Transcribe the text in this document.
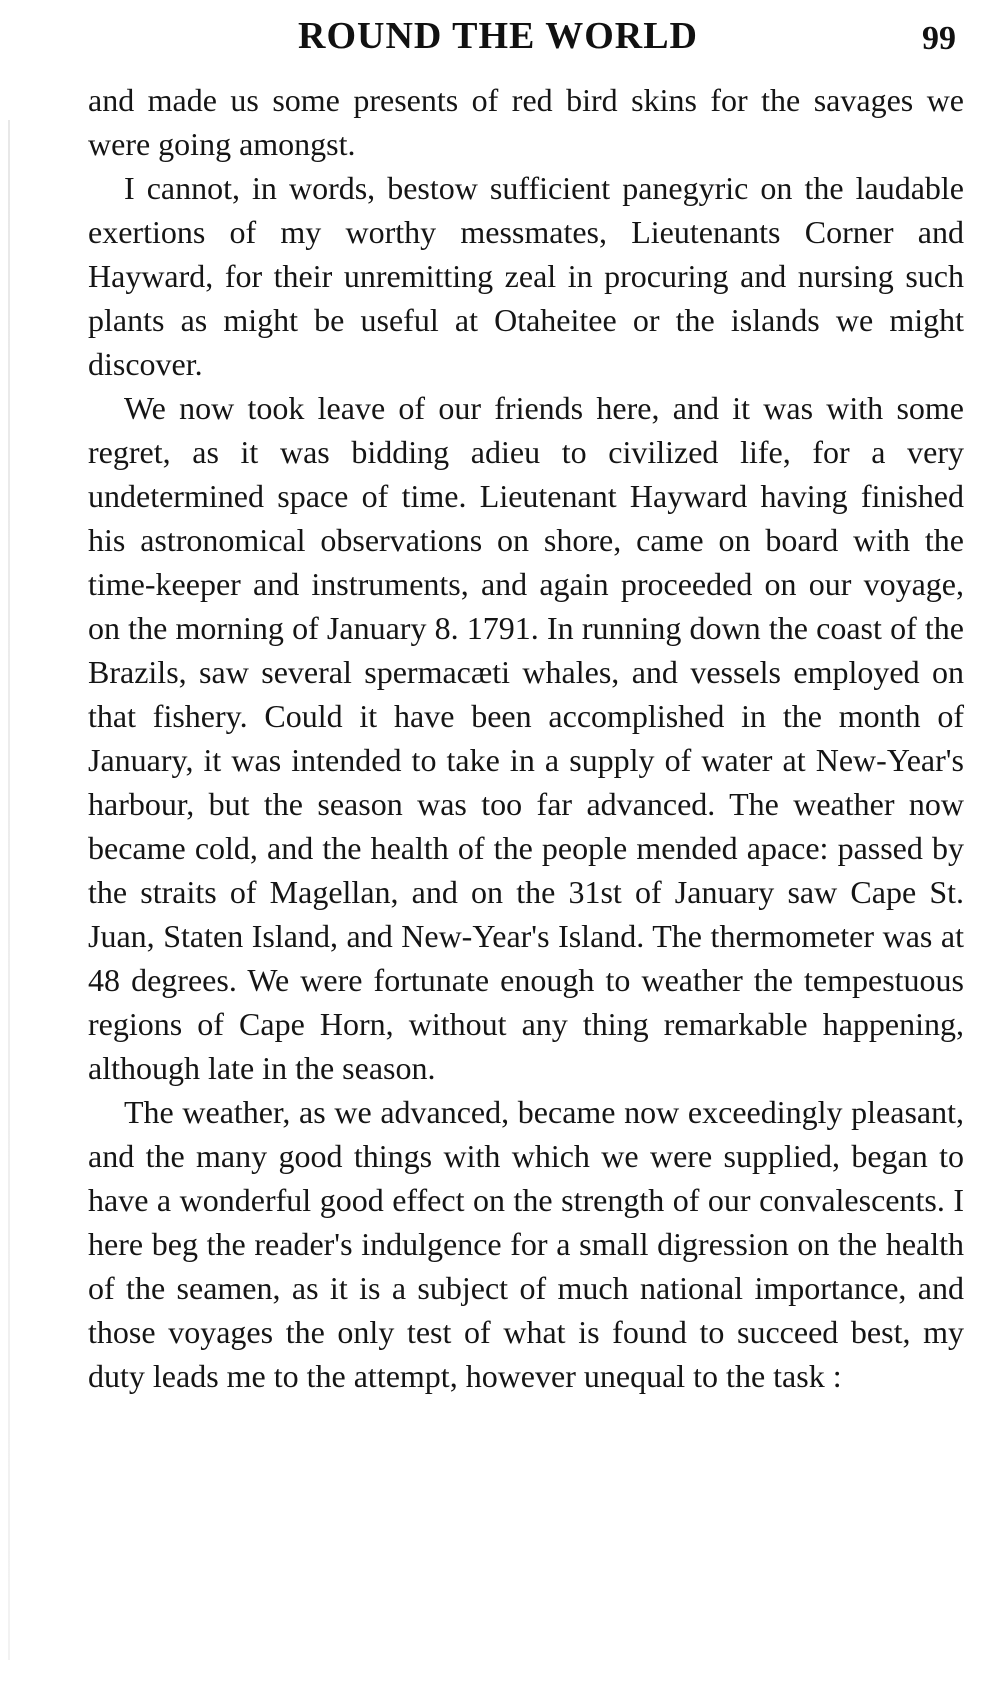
ROUND THE WORLD	99

and made us some presents of red bird skins for the savages we were going amongst.

I cannot, in words, bestow sufficient panegyric on the laudable exertions of my worthy messmates, Lieutenants Corner and Hayward, for their unremitting zeal in procuring and nursing such plants as might be useful at Otaheitee or the islands we might discover.

We now took leave of our friends here, and it was with some regret, as it was bidding adieu to civilized life, for a very undetermined space of time. Lieutenant Hayward having finished his astronomical observations on shore, came on board with the time-keeper and instruments, and again proceeded on our voyage, on the morning of January 8. 1791. In running down the coast of the Brazils, saw several spermacæti whales, and vessels employed on that fishery. Could it have been accomplished in the month of January, it was intended to take in a supply of water at New-Year's harbour, but the season was too far advanced. The weather now became cold, and the health of the people mended apace: passed by the straits of Magellan, and on the 31st of January saw Cape St. Juan, Staten Island, and New-Year's Island. The thermometer was at 48 degrees. We were fortunate enough to weather the tempestuous regions of Cape Horn, without any thing remarkable happening, although late in the season.

The weather, as we advanced, became now exceedingly pleasant, and the many good things with which we were supplied, began to have a wonderful good effect on the strength of our convalescents. I here beg the reader's indulgence for a small digression on the health of the seamen, as it is a subject of much national importance, and those voyages the only test of what is found to succeed best, my duty leads me to the attempt, however unequal to the task :
